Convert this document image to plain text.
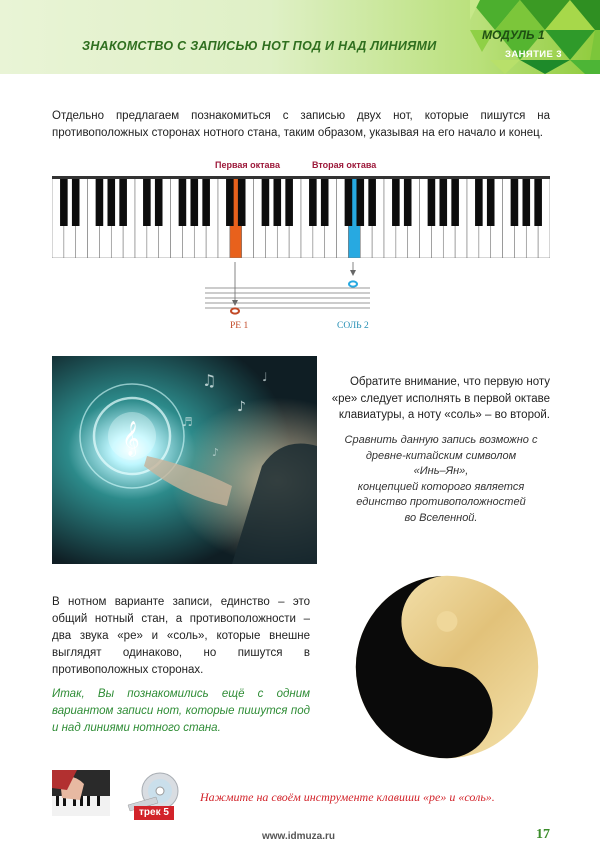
ЗНАКОМСТВО С ЗАПИСЬЮ НОТ ПОД И НАД ЛИНИЯМИ
МОДУЛЬ 1
ЗАНЯТИЕ 3
Отдельно предлагаем познакомиться с записью двух нот, которые пишутся на противоположных сторонах нотного стана, таким образом, указывая на его начало и конец.
Первая октава	Вторая октава
РЕ 1	СОЛЬ 2
𝄞
♫
♪
♬
♩
♪
Обратите внимание, что первую ноту «ре» следует исполнять в первой октаве клавиатуры, а ноту «соль» – во второй.
Сравнить данную запись возможно с
древне-китайским символом
«Инь–Ян»,
концепцией которого является
единство противоположностей
во Вселенной.
В нотном варианте записи, единство – это общий нотный стан, а противоположности – два звука «ре» и «соль», которые внешне выглядят одинаково, но пишутся в противоположных сторонах.
Итак, Вы познакомились ещё с одним вариантом записи нот, которые пишутся под и над линиями нотного стана.
трек 5
Нажмите на своём инструменте клавиши «ре» и «соль».
www.idmuza.ru	17
